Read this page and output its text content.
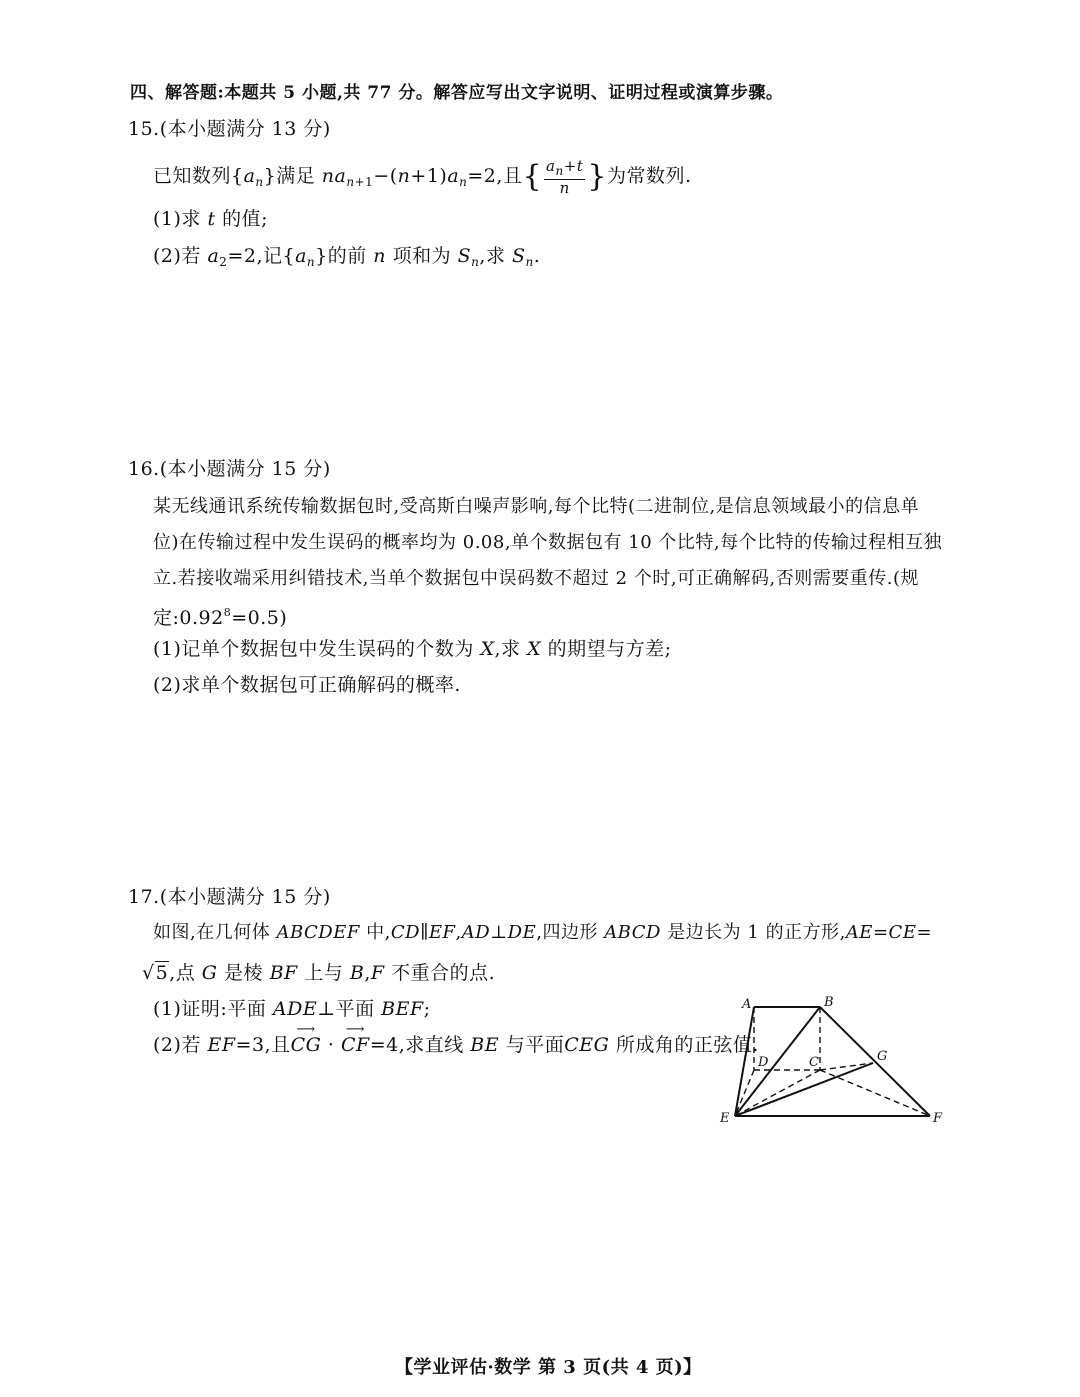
四、解答题:本题共 5 小题,共 77 分。解答应写出文字说明、证明过程或演算步骤。
15.(本小题满分 13 分)
已知数列$\{a_n\}$满足 $na_{n+1}-(n+1)a_n=2$,且{ $\frac{a_n+t}{n}$ }为常数列.
(1)求 t 的值;
(2)若 $a_2=2$,记$\{a_n\}$的前 n 项和为 $S_n$,求 $S_n$.
16.(本小题满分 15 分)
某无线通讯系统传输数据包时,受高斯白噪声影响,每个比特(二进制位,是信息领域最小的信息单
位)在传输过程中发生误码的概率均为 0.08,单个数据包有 10 个比特,每个比特的传输过程相互独
立.若接收端采用纠错技术,当单个数据包中误码数不超过 2 个时,可正确解码,否则需要重传.(规
定$:0.92^8=0.5$)
(1)记单个数据包中发生误码的个数为 X,求 X 的期望与方差;
(2)求单个数据包可正确解码的概率.
17.(本小题满分 15 分)
如图,在几何体 ABCDEF 中,CD∥EF,AD⊥DE,四边形 ABCD 是边长为 1 的正方形,AE=CE=
√5,点 G 是棱 BF 上与 B,F 不重合的点.
(1)证明:平面 ADE⊥平面 BEF;
(2)若 EF=3,且⟶ CG · ⟶ CF=4,求直线 BE 与平面CEG 所成角的正弦值.
A	B
D	C	G
E	F
【学业评估·数学 第 3 页(共 4 页)】
